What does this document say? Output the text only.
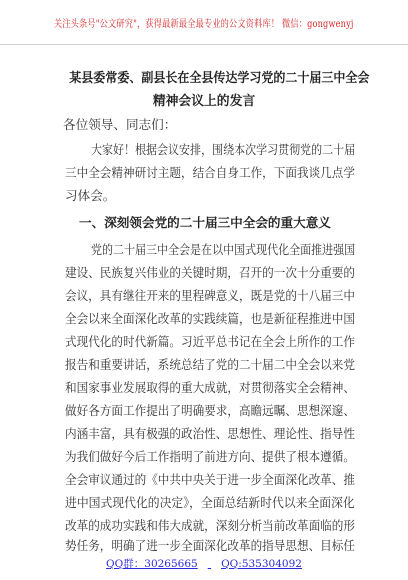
关注头条号"公文研究"，获得最新最全最专业的公文资料库！ 微信：gongwenyj
某县委常委、副县长在全县传达学习党的二十届三中全会
精神会议上的发言

各位领导、同志们：

大家好！根据会议安排，围绕本次学习贯彻党的二十届

三中全会精神研讨主题，结合自身工作，下面我谈几点学

习体会。

一、深刻领会党的二十届三中全会的重大意义

党的二十届三中全会是在以中国式现代化全面推进强国

建设、民族复兴伟业的关键时期，召开的一次十分重要的

会议，具有继往开来的里程碑意义，既是党的十八届三中

全会以来全面深化改革的实践续篇，也是新征程推进中国

式现代化的时代新篇。习近平总书记在全会上所作的工作

报告和重要讲话，系统总结了党的二十届二中全会以来党

和国家事业发展取得的重大成就，对贯彻落实全会精神、

做好各方面工作提出了明确要求，高瞻远瞩、思想深邃、

内涵丰富，具有极强的政治性、思想性、理论性、指导性

为我们做好今后工作指明了前进方向、提供了根本遵循。

全会审议通过的《中共中央关于进一步全面深化改革、推

进中国式现代化的决定》，全面总结新时代以来全面深化

改革的成功实践和伟大成就，深刻分析当前改革面临的形

势任务，明确了进一步全面深化改革的指导思想、目标任

QQ群：30265665 QQ:535304092
